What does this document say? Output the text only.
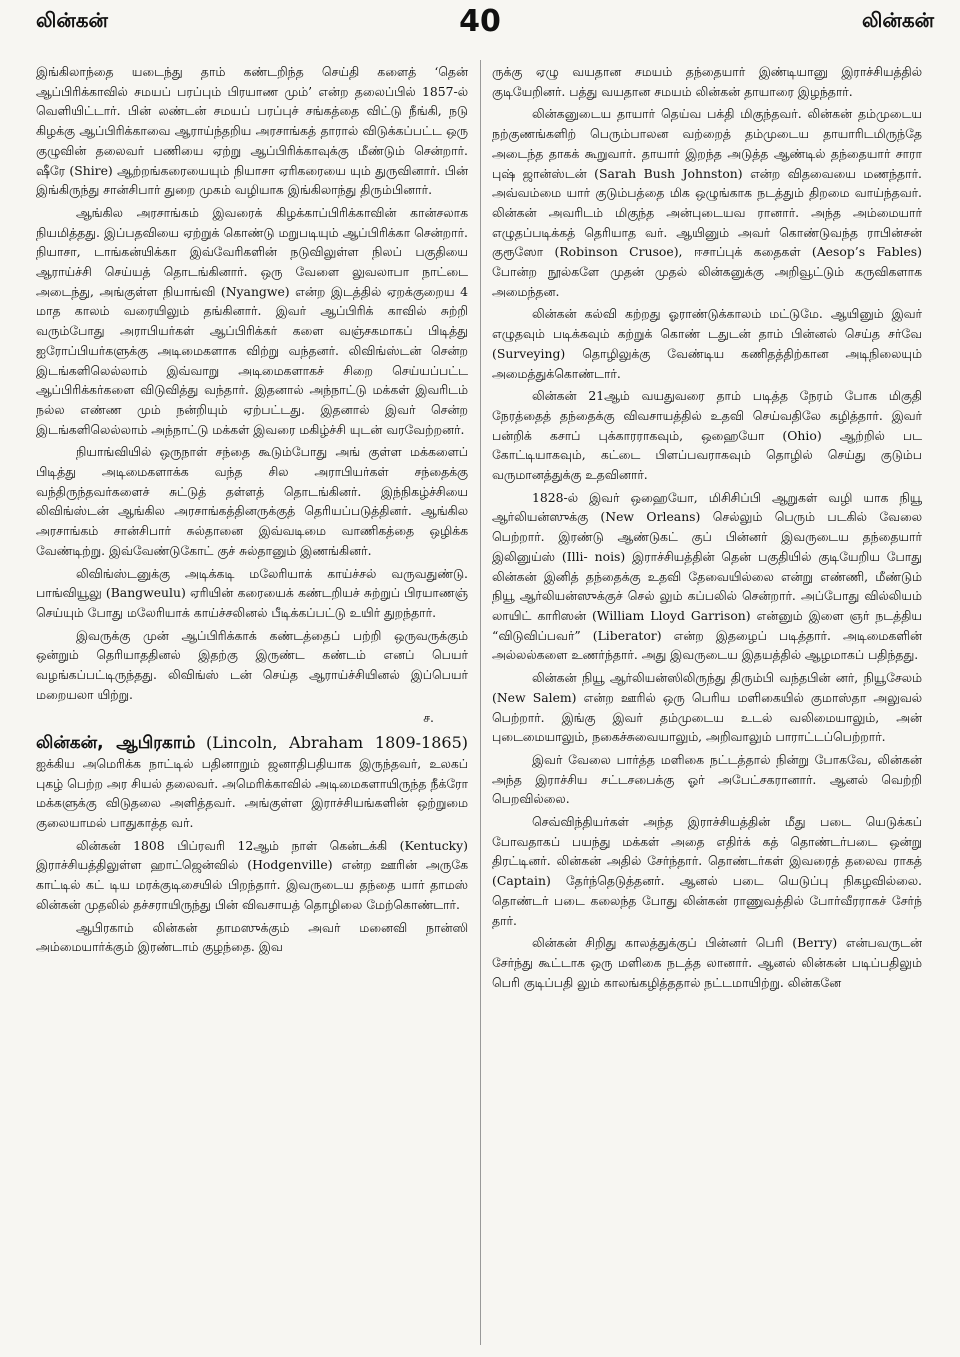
லின்கன்	40	லின்கன்

இங்கிலாந்தை யடைந்து தாம் கண்டறிந்த செய்தி களைத் ‘தென் ஆப்பிரிக்காவில் சமயப் பரப்பும் பிரயாண மும்’ என்ற தலைப்பில் 1857-ல் வெளியிட்டார். பின் லண்டன் சமயப் பரப்புச் சங்கத்தை விட்டு நீங்கி, நடு கிழக்கு ஆப்பிரிக்காவை ஆராய்ந்தறிய அரசாங்கத் தாரால் விடுக்கப்பட்ட ஒரு குழுவின் தலைவர் பணியை ஏற்று ஆப்பிரிக்காவுக்கு மீண்டும் சென்றார். ஷீரே (Shire) ஆற்றங்கரையையும் நியாசா ஏரிகரையை யும் துருவினார். பின் இங்கிருந்து சான்சிபார் துறை முகம் வழியாக இங்கிலாந்து திரும்பினார்.

ஆங்கில அரசாங்கம் இவரைக் கிழக்காப்பிரிக்காவின் கான்சலாக நியமித்தது. இப்பதவியை ஏற்றுக் கொண்டு மறுபடியும் ஆப்பிரிக்கா சென்றார். நியாசா, டாங்கன்யிக்கா இவ்வேரிகளின் நடுவிலுள்ள நிலப் பகுதியை ஆராய்ச்சி செய்யத் தொடங்கினார். ஒரு வேளை லுவலாபா நாட்டை அடைந்து, அங்குள்ள நியாங்வி (Nyangwe) என்ற இடத்தில் ஏறக்குறைய 4 மாத காலம் வரையிலும் தங்கினார். இவர் ஆப்பிரிக் காவில் சுற்றி வரும்போது அராபியர்கள் ஆப்பிரிக்கர் களை வஞ்சகமாகப் பிடித்து ஐரோப்பியர்களுக்கு அடிமைகளாக விற்று வந்தனர். லிவிங்ஸ்டன் சென்ற இடங்களிலெல்லாம் இவ்வாறு அடிமைகளாகச் சிறை செய்யப்பட்ட ஆப்பிரிக்கர்களை விடுவித்து வந்தார். இதனால் அந்நாட்டு மக்கள் இவரிடம் நல்ல எண்ண மும் நன்றியும் ஏற்பட்டது. இதனால் இவர் சென்ற இடங்களிலெல்லாம் அந்நாட்டு மக்கள் இவரை மகிழ்ச்சி யுடன் வரவேற்றனர்.

நியாங்வியில் ஒருநாள் சந்தை கூடும்போது அங் குள்ள மக்களைப் பிடித்து அடிமைகளாக்க வந்த சில அராபியர்கள் சந்தைக்கு வந்திருந்தவர்களைச் சுட்டுத் தள்ளத் தொடங்கினர். இந்நிகழ்ச்சியை லிவிங்ஸ்டன் ஆங்கில அரசாங்கத்தினருக்குத் தெரியப்படுத்தினர். ஆங்கில அரசாங்கம் சான்சிபார் சுல்தானை இவ்வடிமை வாணிகத்தை ஒழிக்க வேண்டிற்று. இவ்வேண்டுகோட் குச் சுல்தானும் இணங்கினர்.

லிவிங்ஸ்டனுக்கு அடிக்கடி மலேரியாக் காய்ச்சல் வருவதுண்டு. பாங்வியூலு (Bangweulu) ஏரியின் கரையைக் கண்டறியச் சுற்றுப் பிரயாணஞ் செய்யும் போது மலேரியாக் காய்ச்சலினல் பீடிக்கப்பட்டு உயிர் துறந்தார்.

இவருக்கு முன் ஆப்பிரிக்காக் கண்டத்தைப் பற்றி ஒருவருக்கும் ஒன்றும் தெரியாததினல் இதற்கு இருண்ட கண்டம் எனப் பெயர் வழங்கப்பட்டிருந்தது. லிவிங்ஸ் டன் செய்த ஆராய்ச்சியினல் இப்பெயர் மறையலா யிற்று.

ச.

லின்கன், ஆபிரகாம் (Lincoln, Abraham 1809-1865) ஐக்கிய அமெரிக்க நாட்டில் பதினாறும் ஜனாதிபதியாக இருந்தவர், உலகப் புகழ் பெற்ற அர சியல் தலைவர். அமெரிக்காவில் அடிமைகளாயிருந்த நீக்ரோ மக்களுக்கு விடுதலை அளித்தவர். அங்குள்ள இராச்சியங்களின் ஒற்றுமை குலையாமல் பாதுகாத்த வர்.

லின்கன் 1808 பிப்ரவரி 12ஆம் நாள் கென்டக்கி (Kentucky) இராச்சியத்திலுள்ள ஹாட்ஜென்வில் (Hodgenville) என்ற ஊரின் அருகே காட்டில் கட் டிய மரக்குடிசையில் பிறந்தார். இவருடைய தந்தை யார் தாமஸ் லின்கன் முதலில் தச்சராயிருந்து பின் விவசாயத் தொழிலை மேற்கொண்டார்.

ஆபிரகாம் லின்கன் தாமஸுக்கும் அவர் மனைவி நான்ஸி அம்மையார்க்கும் இரண்டாம் குழந்தை. இவ

ருக்கு ஏழு வயதான சமயம் தந்தையார் இண்டியானு இராச்சியத்தில் குடியேறினர். பத்து வயதான சமயம் லின்கன் தாயாரை இழந்தார்.

லின்கனுடைய தாயார் தெய்வ பக்தி மிகுந்தவர். லின்கன் தம்முடைய நற்குணங்களிற் பெரும்பாலன வற்றைத் தம்முடைய தாயாரிடமிருந்தே அடைந்த தாகக் கூறுவார். தாயார் இறந்த அடுத்த ஆண்டில் தந்தையார் சாரா புஷ் ஜான்ஸ்டன் (Sarah Bush Johnston) என்ற விதவையை மணந்தார். அவ்வம்மை யார் குடும்பத்தை மிக ஒழுங்காக நடத்தும் திறமை வாய்ந்தவர். லின்கன் அவரிடம் மிகுந்த அன்புடையவ ரானார். அந்த அம்மையார் எழுதப்படிக்கத் தெரியாத வர். ஆயினும் அவர் கொண்டுவந்த ராபின்சன் குரூஸோ (Robinson Crusoe), ஈசாப்புக் கதைகள் (Aesop’s Fables) போன்ற நூல்களே முதன் முதல் லின்கனுக்கு அறிவூட்டும் கருவிகளாக அமைந்தன.

லின்கன் கல்வி கற்றது ஓராண்டுக்காலம் மட்டுமே. ஆயினும் இவர் எழுதவும் படிக்கவும் கற்றுக் கொண் டதுடன் தாம் பின்னல் செய்த சர்வே (Surveying) தொழிலுக்கு வேண்டிய கணிதத்திற்கான அடிநிலையும் அமைத்துக்கொண்டார்.

லின்கன் 21ஆம் வயதுவரை தாம் படித்த நேரம் போக மிகுதி நேரத்தைத் தந்தைக்கு விவசாயத்தில் உதவி செய்வதிலே கழித்தார். இவர் பன்றிக் கசாப் புக்காரராகவும், ஒஹையோ (Ohio) ஆற்றில் பட கோட்டியாகவும், கட்டை பிளப்பவராகவும் தொழில் செய்து குடும்ப வருமானத்துக்கு உதவினார்.

1828-ல் இவர் ஒஹையோ, மிசிசிப்பி ஆறுகள் வழி யாக நியூ ஆர்லியன்ஸுக்கு (New Orleans) செல்லும் பெரும் படகில் வேலை பெற்றார். இரண்டு ஆண்டுகட் குப் பின்னர் இவருடைய தந்தையார் இலினுய்ஸ் (Illi- nois) இராச்சியத்தின் தென் பகுதியில் குடியேறிய போது லின்கன் இனித் தந்தைக்கு உதவி தேவையில்லை என்று எண்ணி, மீண்டும் நியூ ஆர்லியன்ஸுக்குச் செல் லும் கப்பலில் சென்றார். அப்போது வில்லியம் லாயிட் காரிஸன் (William Lloyd Garrison) என்னும் இளை ஞர் நடத்திய “விடுவிப்பவர்” (Liberator) என்ற இதழைப் படித்தார். அடிமைகளின் அல்லல்களை உணர்ந்தார். அது இவருடைய இதயத்தில் ஆழமாகப் பதிந்தது.

லின்கன் நியூ ஆர்லியன்ஸிலிருந்து திரும்பி வந்தபின் னர், நியூசேலம் (New Salem) என்ற ஊரில் ஒரு பெரிய மளிகையில் குமாஸ்தா அலுவல் பெற்றார். இங்கு இவர் தம்முடைய உடல் வலிமையாலும், அன் புடைமையாலும், நகைச்சுவையாலும், அறிவாலும் பாராட்டப்பெற்றார்.

இவர் வேலை பார்த்த மளிகை நட்டத்தால் நின்று போகவே, லின்கன் அந்த இராச்சிய சட்டசபைக்கு ஓர் அபேட்சகரானார். ஆனல் வெற்றி பெறவில்லை.

செவ்விந்தியர்கள் அந்த இராச்சியத்தின் மீது படை யெடுக்கப் போவதாகப் பயந்து மக்கள் அதை எதிர்க் கத் தொண்டர்படை ஒன்று திரட்டினர். லின்கன் அதில் சேர்ந்தார். தொண்டர்கள் இவரைத் தலைவ ராகத் (Captain) தேர்ந்தெடுத்தனர். ஆனல் படை யெடுப்பு நிகழவில்லை. தொண்டர் படை கலைந்த போது லின்கன் ராணுவத்தில் போர்வீரராகச் சேர்ந் தார்.

லின்கன் சிறிது காலத்துக்குப் பின்னர் பெரி (Berry) என்பவருடன் சேர்ந்து கூட்டாக ஒரு மளிகை நடத்த லானார். ஆனல் லின்கன் படிப்பதிலும் பெரி குடிப்பதி லும் காலங்கழித்ததால் நட்டமாயிற்று. லின்கனே
